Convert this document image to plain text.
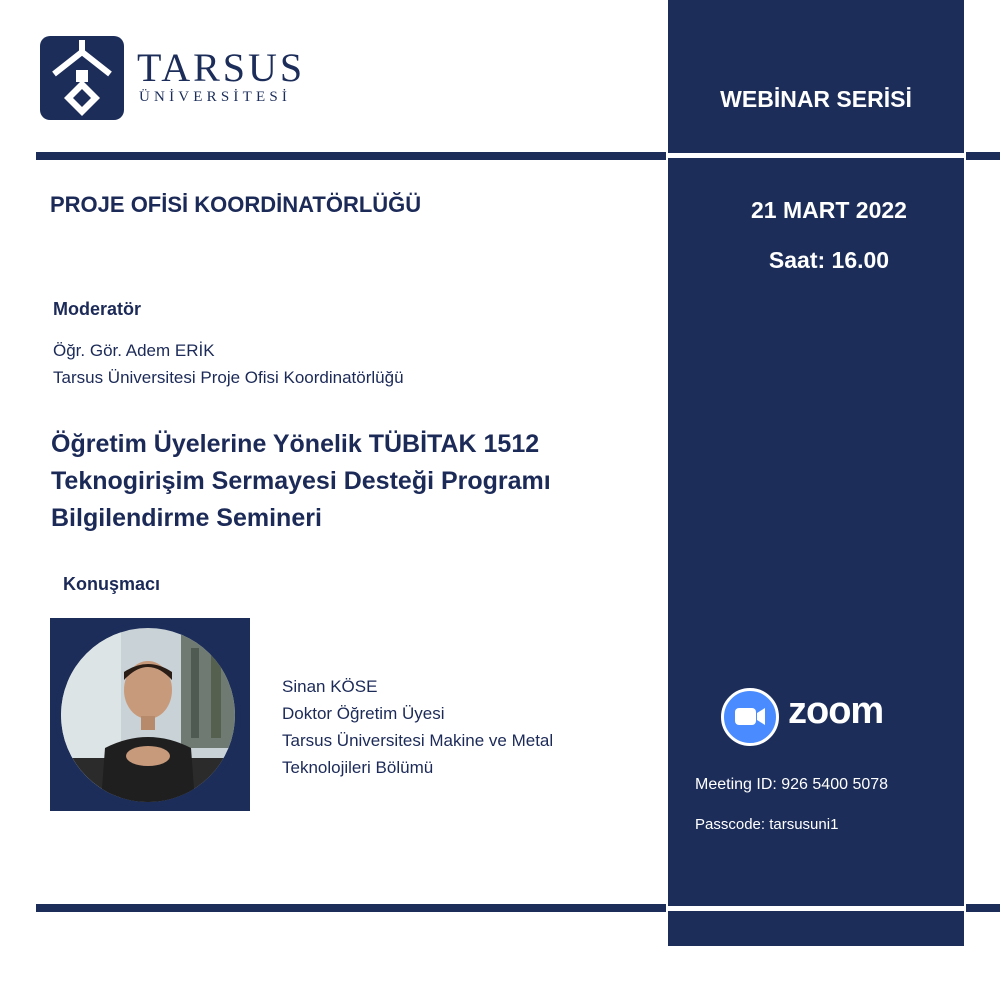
TARSUS
ÜNİVERSİTESİ	WEBİNAR SERİSİ
21 MART 2022
Saat: 16.00
PROJE OFİSİ KOORDİNATÖRLÜĞÜ
Moderatör
Öğr. Gör. Adem ERİK
Tarsus Üniversitesi Proje Ofisi Koordinatörlüğü
Öğretim Üyelerine Yönelik TÜBİTAK 1512
Teknogirişim Sermayesi Desteği Programı
Bilgilendirme Semineri
Konuşmacı
Sinan KÖSE
Doktor Öğretim Üyesi
Tarsus Üniversitesi Makine ve Metal
Teknolojileri Bölümü
zoom
Meeting ID: 926 5400 5078
Passcode: tarsusuni1
